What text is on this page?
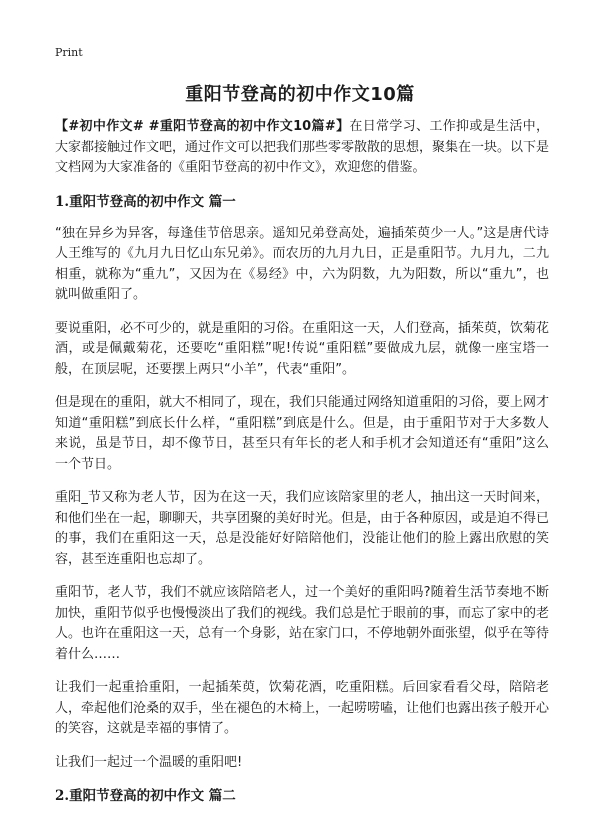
Print
重阳节登高的初中作文10篇

【#初中作文# #重阳节登高的初中作文10篇#】在日常学习、工作抑或是生活中，大家都接触过作文吧，通过作文可以把我们那些零零散散的思想，聚集在一块。以下是文档网为大家准备的《重阳节登高的初中作文》，欢迎您的借鉴。

1.重阳节登高的初中作文 篇一

“独在异乡为异客，每逢佳节倍思亲。遥知兄弟登高处，遍插茱萸少一人。”这是唐代诗人王维写的《九月九日忆山东兄弟》。而农历的九月九日，正是重阳节。九月九，二九相重，就称为“重九”，又因为在《易经》中，六为阴数，九为阳数，所以“重九”，也就叫做重阳了。

要说重阳，必不可少的，就是重阳的习俗。在重阳这一天，人们登高，插茱萸，饮菊花酒，或是佩戴菊花，还要吃“重阳糕”呢!传说“重阳糕”要做成九层，就像一座宝塔一般，在顶层呢，还要摆上两只“小羊”，代表“重阳”。

但是现在的重阳，就大不相同了，现在，我们只能通过网络知道重阳的习俗，要上网才知道“重阳糕”到底长什么样，“重阳糕”到底是什么。但是，由于重阳节对于大多数人来说，虽是节日，却不像节日，甚至只有年长的老人和手机才会知道还有“重阳”这么一个节日。

重阳_节又称为老人节，因为在这一天，我们应该陪家里的老人，抽出这一天时间来，和他们坐在一起，聊聊天，共享团聚的美好时光。但是，由于各种原因，或是迫不得已的事，我们在重阳这一天，总是没能好好陪陪他们，没能让他们的脸上露出欣慰的笑容，甚至连重阳也忘却了。

重阳节，老人节，我们不就应该陪陪老人，过一个美好的重阳吗?随着生活节奏地不断加快，重阳节似乎也慢慢淡出了我们的视线。我们总是忙于眼前的事，而忘了家中的老人。也许在重阳这一天，总有一个身影，站在家门口，不停地朝外面张望，似乎在等待着什么……

让我们一起重拾重阳，一起插茱萸，饮菊花酒，吃重阳糕。后回家看看父母，陪陪老人，牵起他们沧桑的双手，坐在褪色的木椅上，一起唠唠嗑，让他们也露出孩子般开心的笑容，这就是幸福的事情了。

让我们一起过一个温暖的重阳吧!

2.重阳节登高的初中作文 篇二
